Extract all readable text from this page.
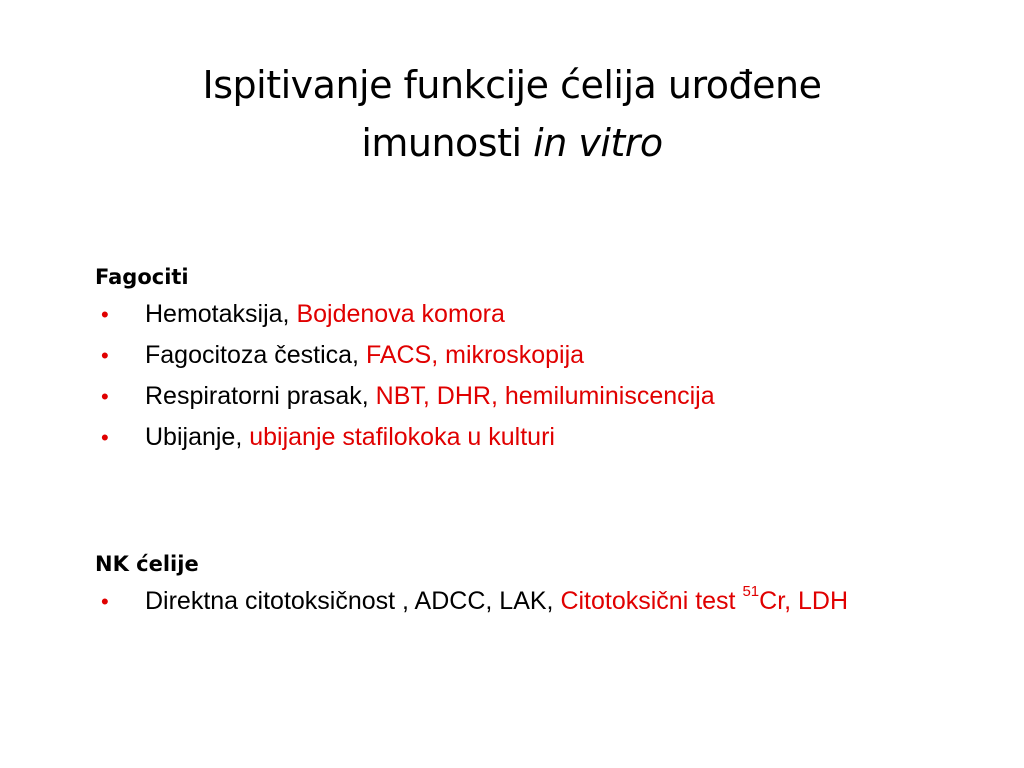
Ispitivanje funkcije ćelija urođene
imunosti in vitro
Fagociti
• Hemotaksija, Bojdenova komora
• Fagocitoza čestica, FACS, mikroskopija
• Respiratorni prasak, NBT, DHR, hemiluminiscencija
• Ubijanje, ubijanje stafilokoka u kulturi
NK ćelije
• Direktna citotoksičnost , ADCC, LAK, Citotoksični test $^{51}$Cr, LDH
